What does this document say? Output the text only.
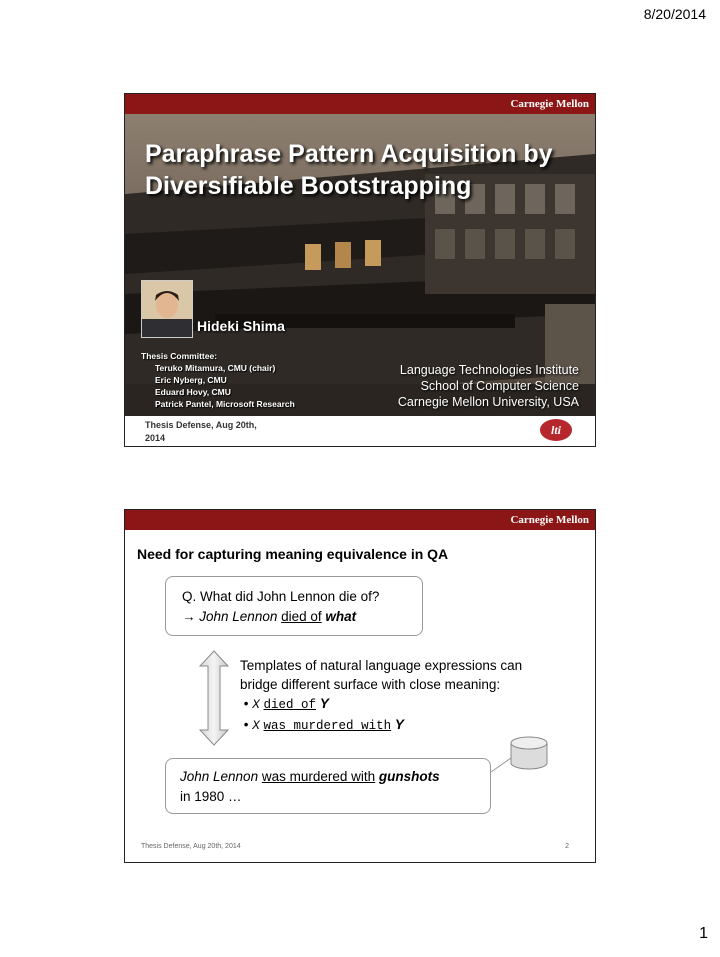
8/20/2014
Carnegie Mellon
Paraphrase Pattern Acquisition by
Diversifiable Bootstrapping
Hideki Shima
Thesis Committee:
Teruko Mitamura, CMU (chair)
Eric Nyberg, CMU
Eduard Hovy, CMU
Patrick Pantel, Microsoft Research
Language Technologies Institute
School of Computer Science
Carnegie Mellon University, USA
Thesis Defense, Aug 20th,
2014
lti
Carnegie Mellon
Need for capturing meaning equivalence in QA
Q. What did John Lennon die of?
→ John Lennon died of what
Templates of natural language expressions can
bridge different surface with close meaning:
• X died of Y
• X was murdered with Y
John Lennon was murdered with gunshots
in 1980 …
Thesis Defense, Aug 20th, 2014	2
1
